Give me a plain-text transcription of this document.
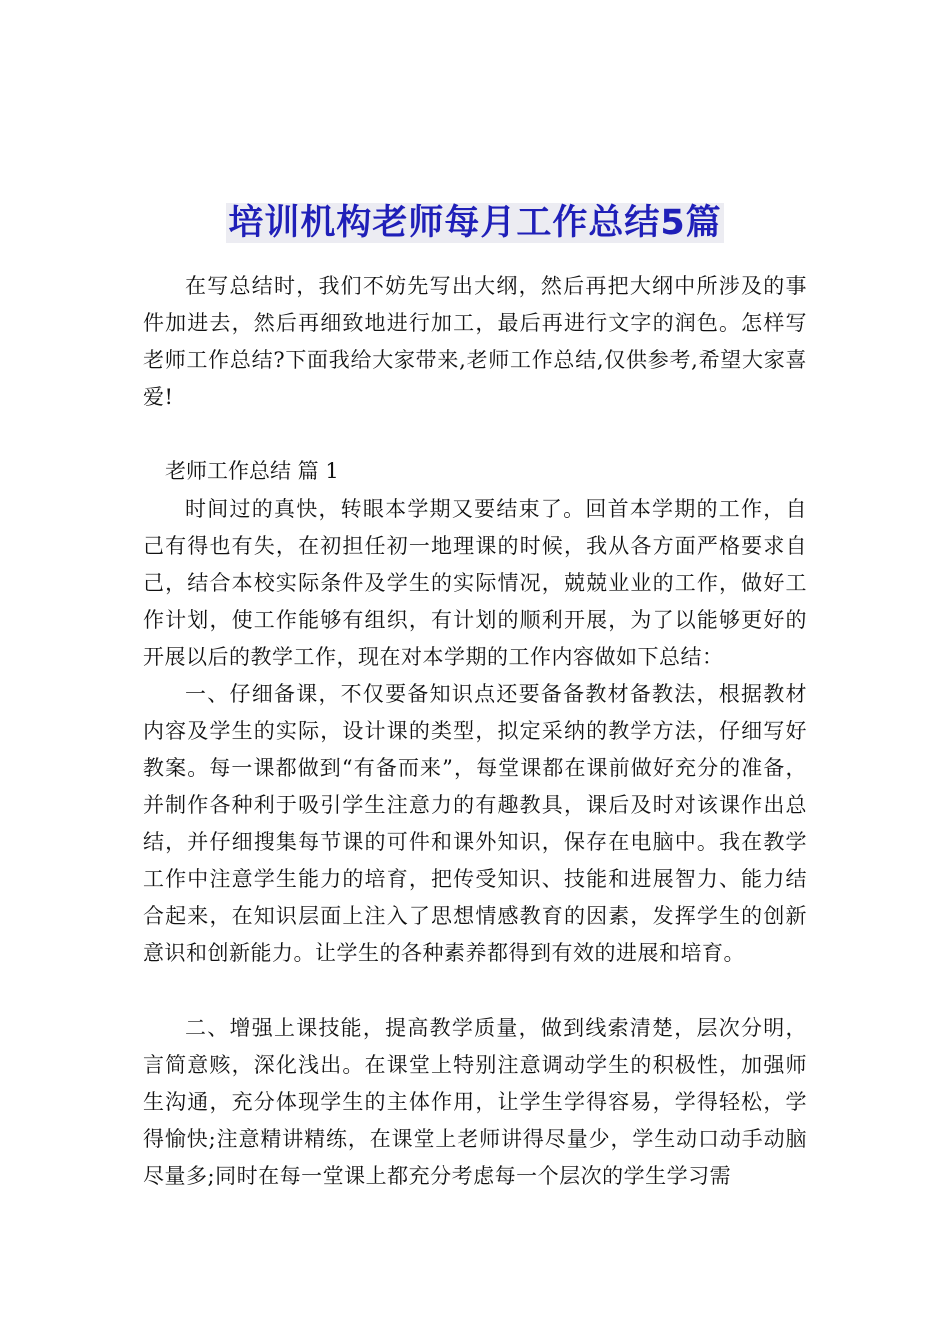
培训机构老师每月工作总结5篇

在写总结时，我们不妨先写出大纲，然后再把大纲中所涉及的事件加进去，然后再细致地进行加工，最后再进行文字的润色。怎样写老师工作总结?下面我给大家带来,老师工作总结,仅供参考,希望大家喜爱!

老师工作总结 篇 1

时间过的真快，转眼本学期又要结束了。回首本学期的工作，自己有得也有失，在初担任初一地理课的时候，我从各方面严格要求自己，结合本校实际条件及学生的实际情况，兢兢业业的工作，做好工作计划，使工作能够有组织，有计划的顺利开展，为了以能够更好的开展以后的教学工作，现在对本学期的工作内容做如下总结：

一、仔细备课，不仅要备知识点还要备备教材备教法，根据教材内容及学生的实际，设计课的类型，拟定采纳的教学方法，仔细写好教案。每一课都做到“有备而来”，每堂课都在课前做好充分的准备，并制作各种利于吸引学生注意力的有趣教具，课后及时对该课作出总结，并仔细搜集每节课的可件和课外知识，保存在电脑中。我在教学工作中注意学生能力的培育，把传受知识、技能和进展智力、能力结合起来，在知识层面上注入了思想情感教育的因素，发挥学生的创新意识和创新能力。让学生的各种素养都得到有效的进展和培育。

二、增强上课技能，提高教学质量，做到线索清楚，层次分明，言简意赅，深化浅出。在课堂上特别注意调动学生的积极性，加强师生沟通，充分体现学生的主体作用，让学生学得容易，学得轻松，学得愉快;注意精讲精练，在课堂上老师讲得尽量少，学生动口动手动脑尽量多;同时在每一堂课上都充分考虑每一个层次的学生学习需
